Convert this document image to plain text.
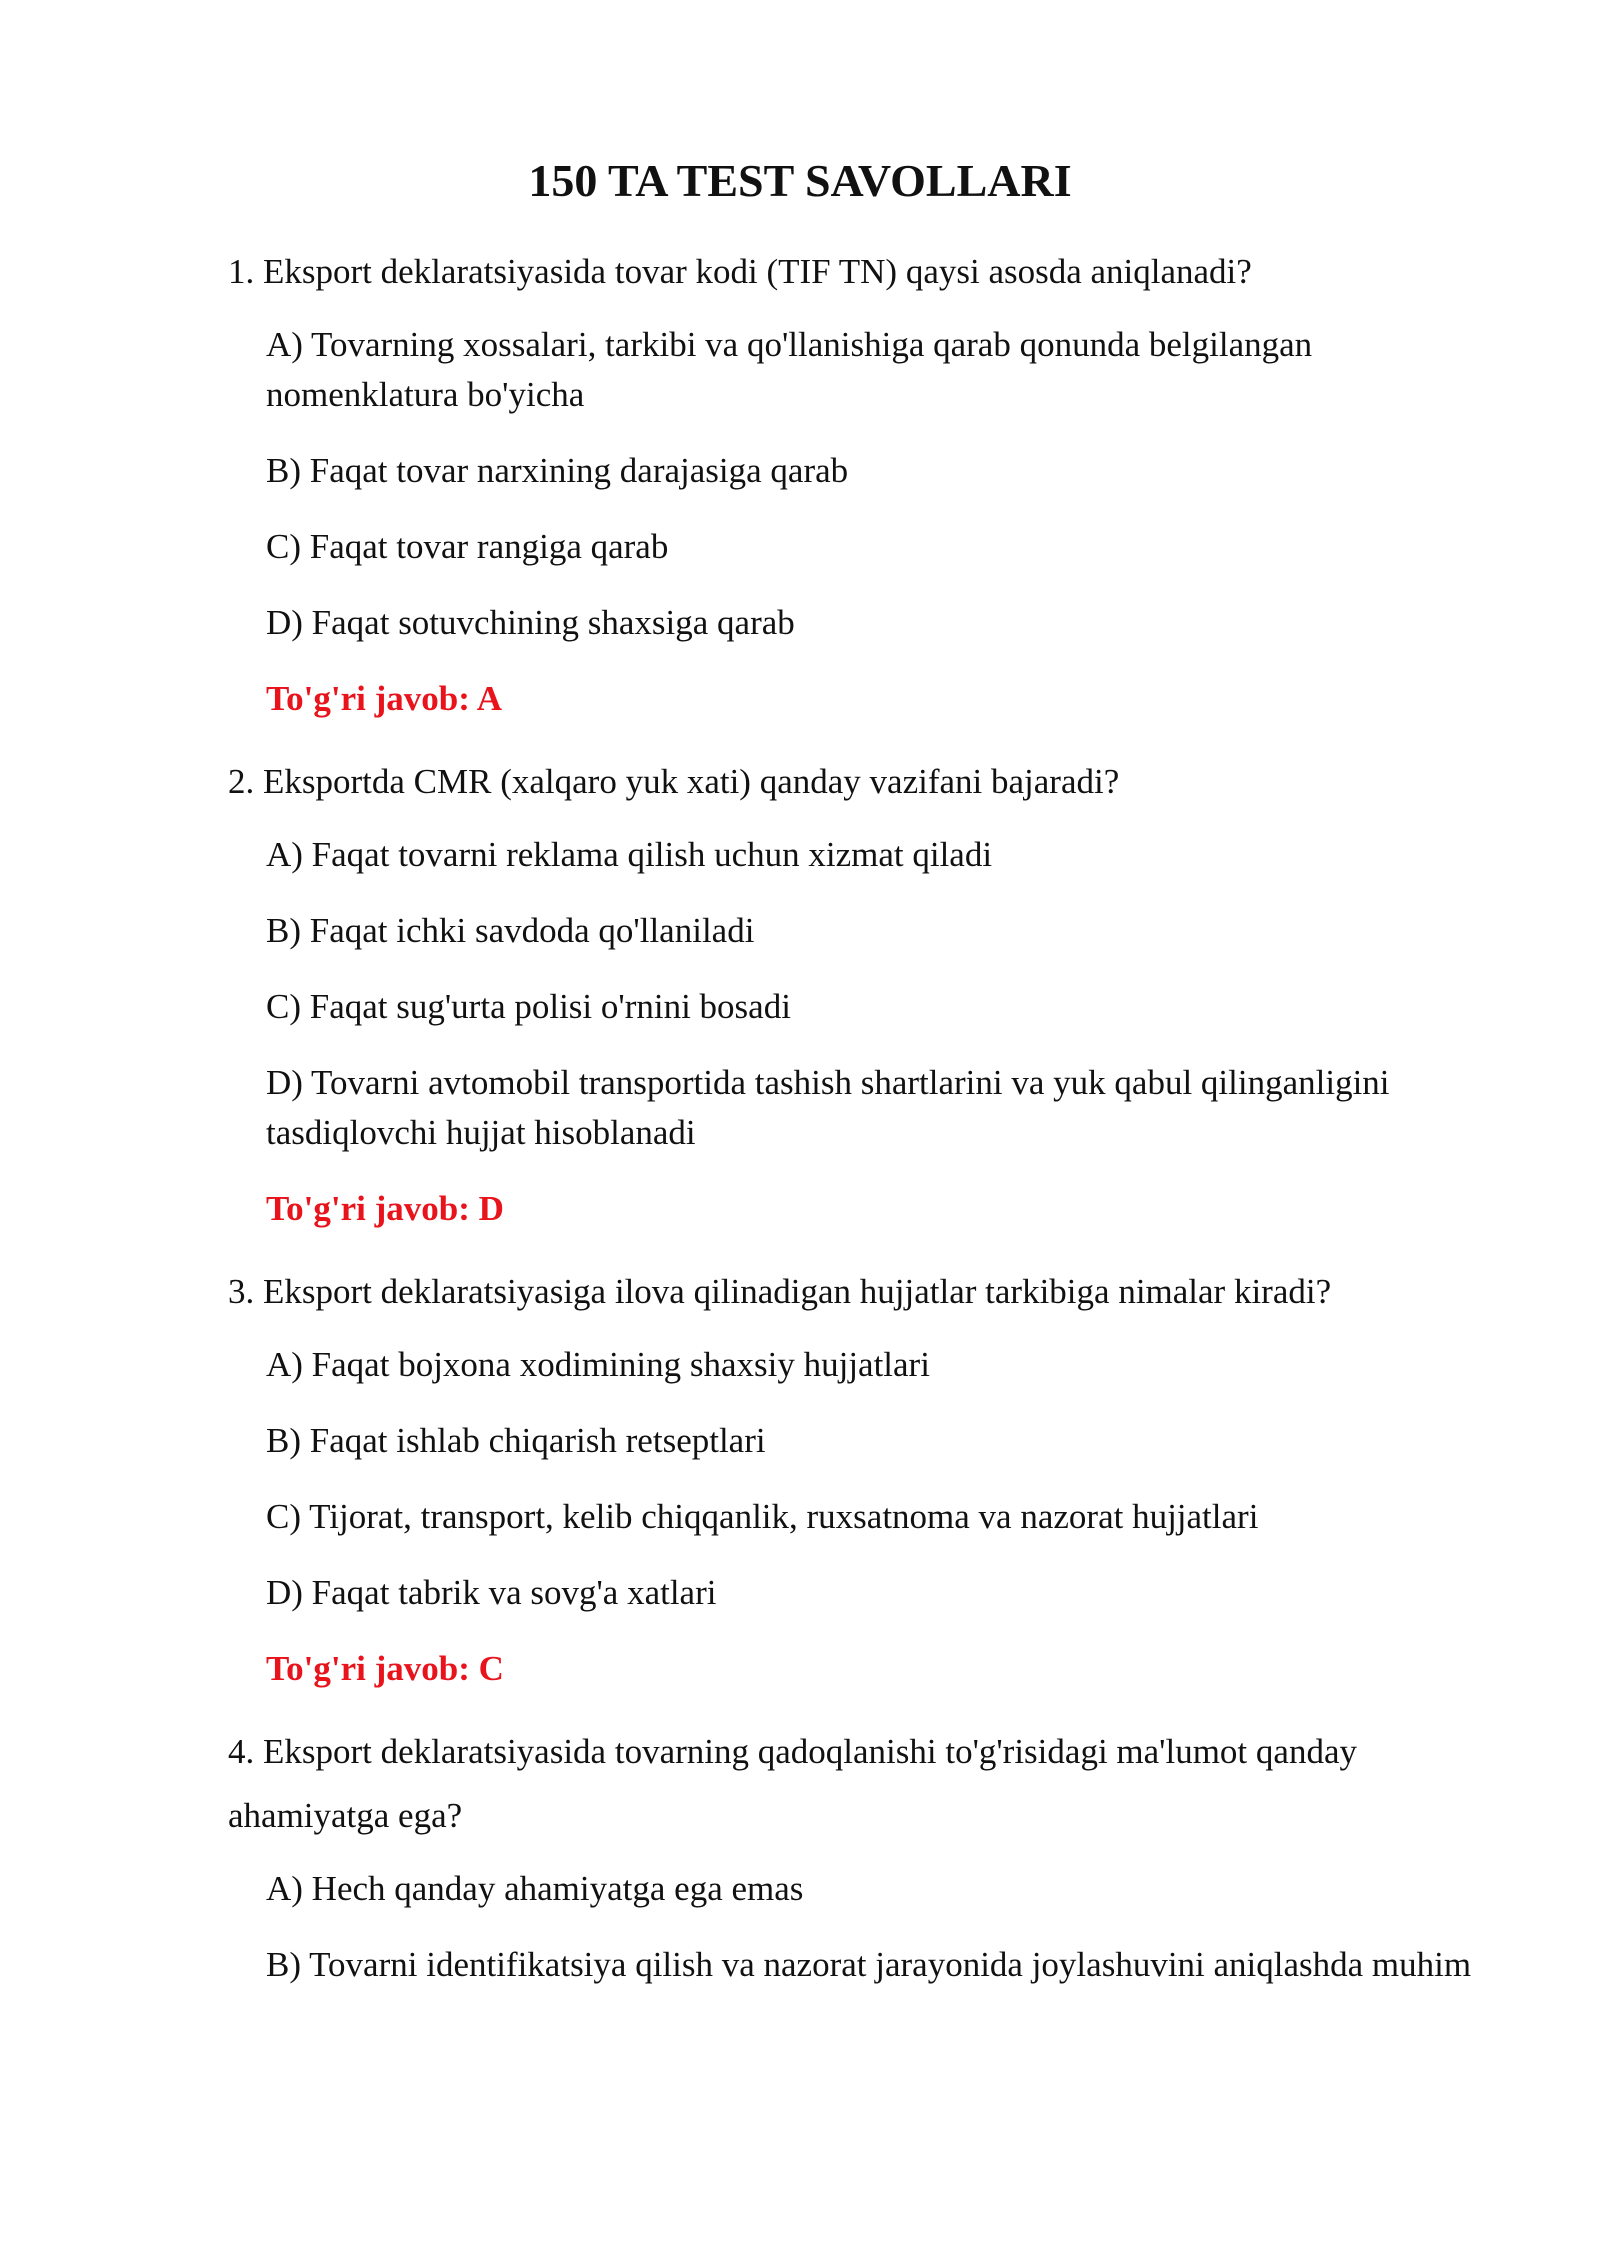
150 TA TEST SAVOLLARI

1. Eksport deklaratsiyasida tovar kodi (TIF TN) qaysi asosda aniqlanadi?

A) Tovarning xossalari, tarkibi va qo'llanishiga qarab qonunda belgilangan nomenklatura bo'yicha

B) Faqat tovar narxining darajasiga qarab

C) Faqat tovar rangiga qarab

D) Faqat sotuvchining shaxsiga qarab

To'g'ri javob: A

2. Eksportda CMR (xalqaro yuk xati) qanday vazifani bajaradi?

A) Faqat tovarni reklama qilish uchun xizmat qiladi

B) Faqat ichki savdoda qo'llaniladi

C) Faqat sug'urta polisi o'rnini bosadi

D) Tovarni avtomobil transportida tashish shartlarini va yuk qabul qilinganligini tasdiqlovchi hujjat hisoblanadi

To'g'ri javob: D

3. Eksport deklaratsiyasiga ilova qilinadigan hujjatlar tarkibiga nimalar kiradi?

A) Faqat bojxona xodimining shaxsiy hujjatlari

B) Faqat ishlab chiqarish retseptlari

C) Tijorat, transport, kelib chiqqanlik, ruxsatnoma va nazorat hujjatlari

D) Faqat tabrik va sovg'a xatlari

To'g'ri javob: C

4. Eksport deklaratsiyasida tovarning qadoqlanishi to'g'risidagi ma'lumot qanday ahamiyatga ega?

A) Hech qanday ahamiyatga ega emas

B) Tovarni identifikatsiya qilish va nazorat jarayonida joylashuvini aniqlashda muhim
